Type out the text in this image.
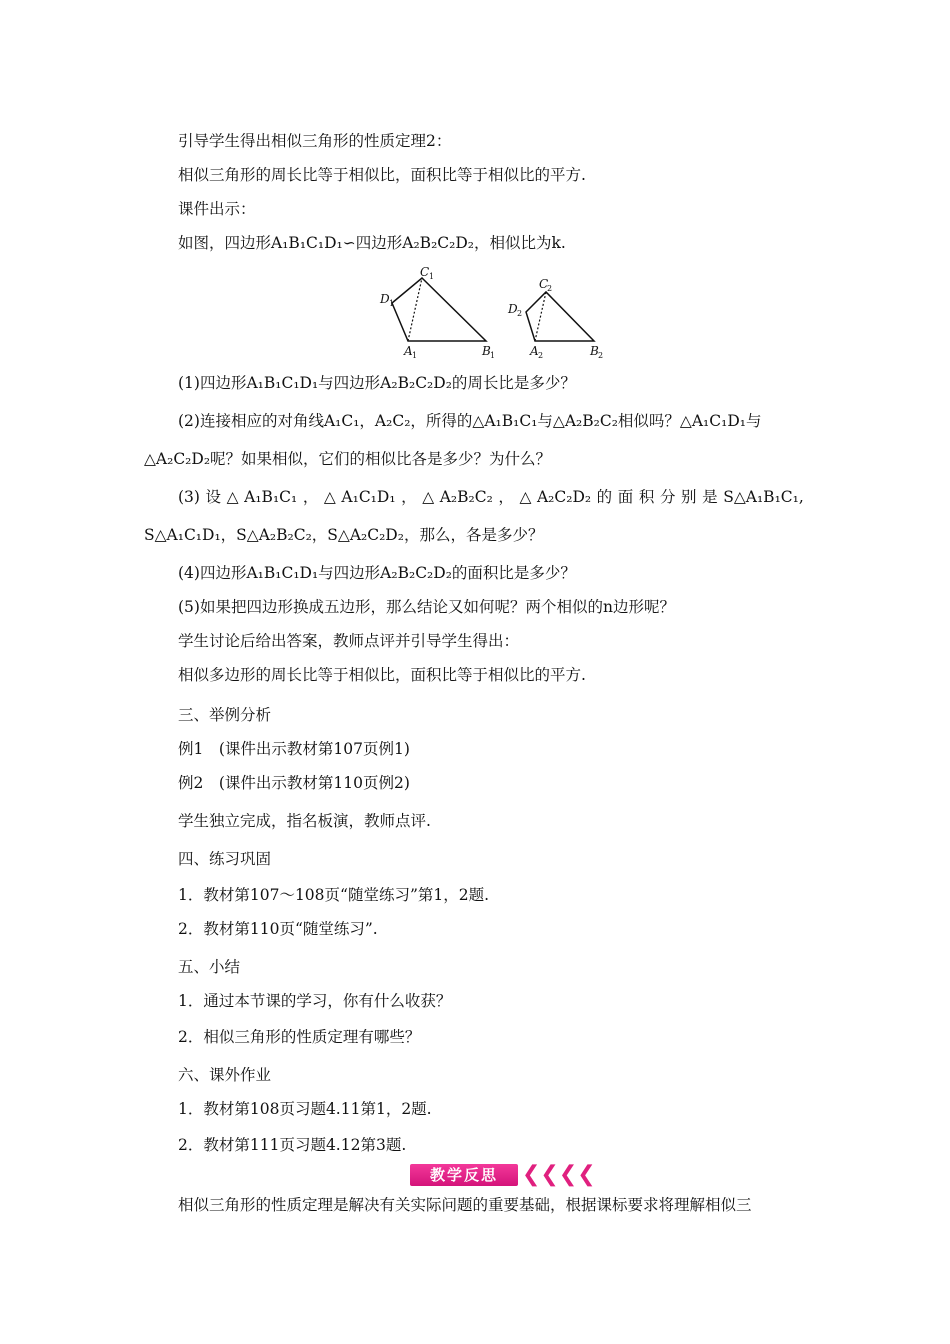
引导学生得出相似三角形的性质定理2：
相似三角形的周长比等于相似比，面积比等于相似比的平方.
课件出示：
如图，四边形A₁B₁C₁D₁∽四边形A₂B₂C₂D₂，相似比为k.
C 1
D 1
A 1	B 1
C
2
D 2
A 2	B 2
(1)四边形A₁B₁C₁D₁与四边形A₂B₂C₂D₂的周长比是多少？
(2)连接相应的对角线A₁C₁，A₂C₂，所得的△A₁B₁C₁与△A₂B₂C₂相似吗？△A₁C₁D₁与
△A₂C₂D₂呢？如果相似，它们的相似比各是多少？为什么？
(3) 设 △ A₁B₁C₁ ， △ A₁C₁D₁ ， △ A₂B₂C₂ ， △ A₂C₂D₂ 的 面 积 分 别 是 S△A₁B₁C₁,
S△A₁C₁D₁，S△A₂B₂C₂，S△A₂C₂D₂，那么，各是多少？
(4)四边形A₁B₁C₁D₁与四边形A₂B₂C₂D₂的面积比是多少？
(5)如果把四边形换成五边形，那么结论又如何呢？两个相似的n边形呢？
学生讨论后给出答案，教师点评并引导学生得出：
相似多边形的周长比等于相似比，面积比等于相似比的平方.
三、举例分析
例1　(课件出示教材第107页例1)
例2　(课件出示教材第110页例2)
学生独立完成，指名板演，教师点评.
四、练习巩固
1．教材第107～108页“随堂练习”第1，2题.
2．教材第110页“随堂练习”.
五、小结
1．通过本节课的学习，你有什么收获？
2．相似三角形的性质定理有哪些？
六、课外作业
1．教材第108页习题4.11第1，2题.
2．教材第111页习题4.12第3题.
教学反思	❮❮❮❮
相似三角形的性质定理是解决有关实际问题的重要基础，根据课标要求将理解相似三
